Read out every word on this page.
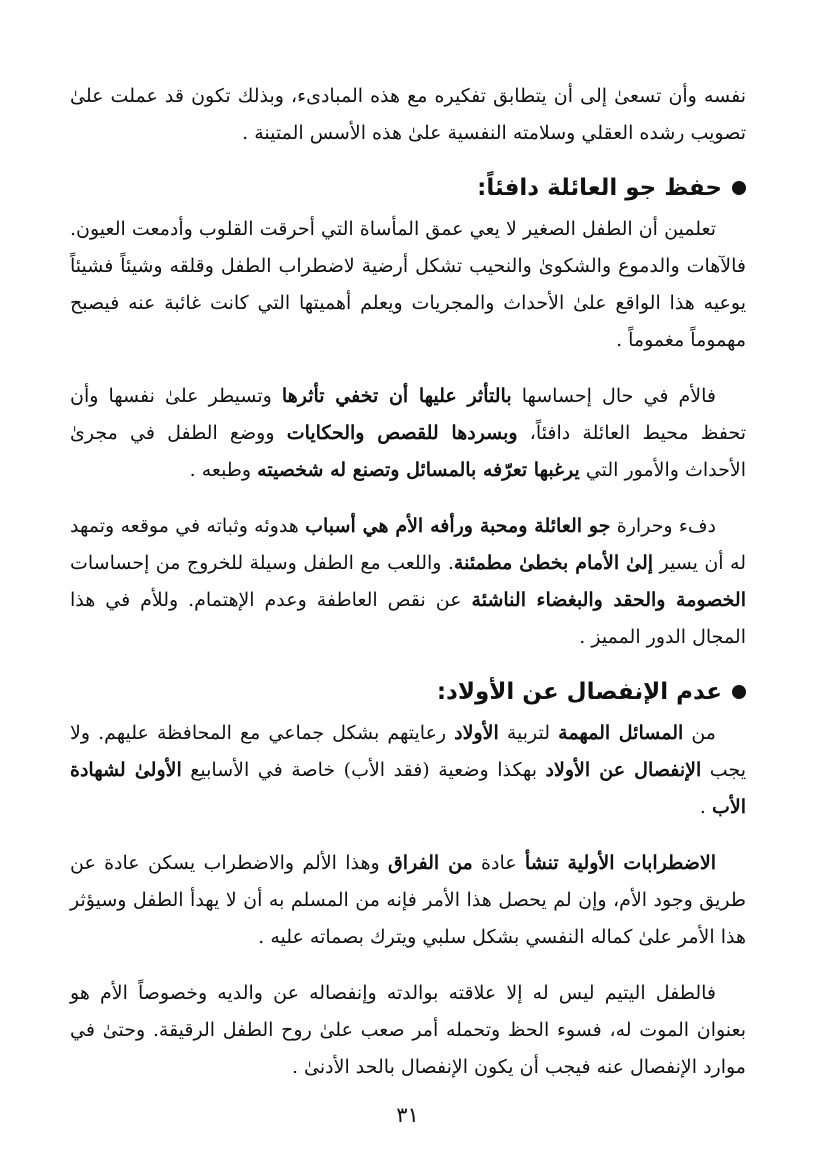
نفسه وأن تسعىٰ إلى أن يتطابق تفكيره مع هذه المبادىء، وبذلك تكون قد عملت علىٰ تصويب رشده العقلي وسلامته النفسية علىٰ هذه الأسس المتينة .

حفظ جو العائلة دافئاً:

تعلمين أن الطفل الصغير لا يعي عمق المأساة التي أحرقت القلوب وأدمعت العيون. فالآهات والدموع والشكوىٰ والنحيب تشكل أرضية لاضطراب الطفل وقلقه وشيئاً فشيئاً يوعيه هذا الواقع علىٰ الأحداث والمجريات ويعلم أهميتها التي كانت غائبة عنه فيصبح مهموماً مغموماً .

فالأم في حال إحساسها بالتأثر عليها أن تخفي تأثرها وتسيطر علىٰ نفسها وأن تحفظ محيط العائلة دافئاً، وبسردها للقصص والحكايات ووضع الطفل في مجرىٰ الأحداث والأمور التي يرغبها تعرّفه بالمسائل وتصنع له شخصيته وطبعه .

دفء وحرارة جو العائلة ومحبة ورأفه الأم هي أسباب هدوئه وثباته في موقعه وتمهد له أن يسير إلىٰ الأمام بخطىٰ مطمئنة. واللعب مع الطفل وسيلة للخروج من إحساسات الخصومة والحقد والبغضاء الناشئة عن نقص العاطفة وعدم الإهتمام. وللأم في هذا المجال الدور المميز .

عدم الإنفصال عن الأولاد:

من المسائل المهمة لتربية الأولاد رعايتهم بشكل جماعي مع المحافظة عليهم. ولا يجب الإنفصال عن الأولاد بهكذا وضعية (فقد الأب) خاصة في الأسابيع الأولىٰ لشهادة الأب .

الاضطرابات الأولية تنشأ عادة من الفراق وهذا الألم والاضطراب يسكن عادة عن طريق وجود الأم، وإن لم يحصل هذا الأمر فإنه من المسلم به أن لا يهدأ الطفل وسيؤثر هذا الأمر علىٰ كماله النفسي بشكل سلبي ويترك بصماته عليه .

فالطفل اليتيم ليس له إلا علاقته بوالدته وإنفصاله عن والديه وخصوصاً الأم هو بعنوان الموت له، فسوء الحظ وتحمله أمر صعب علىٰ روح الطفل الرقيقة. وحتىٰ في موارد الإنفصال عنه فيجب أن يكون الإنفصال بالحد الأدنىٰ .

٣١
